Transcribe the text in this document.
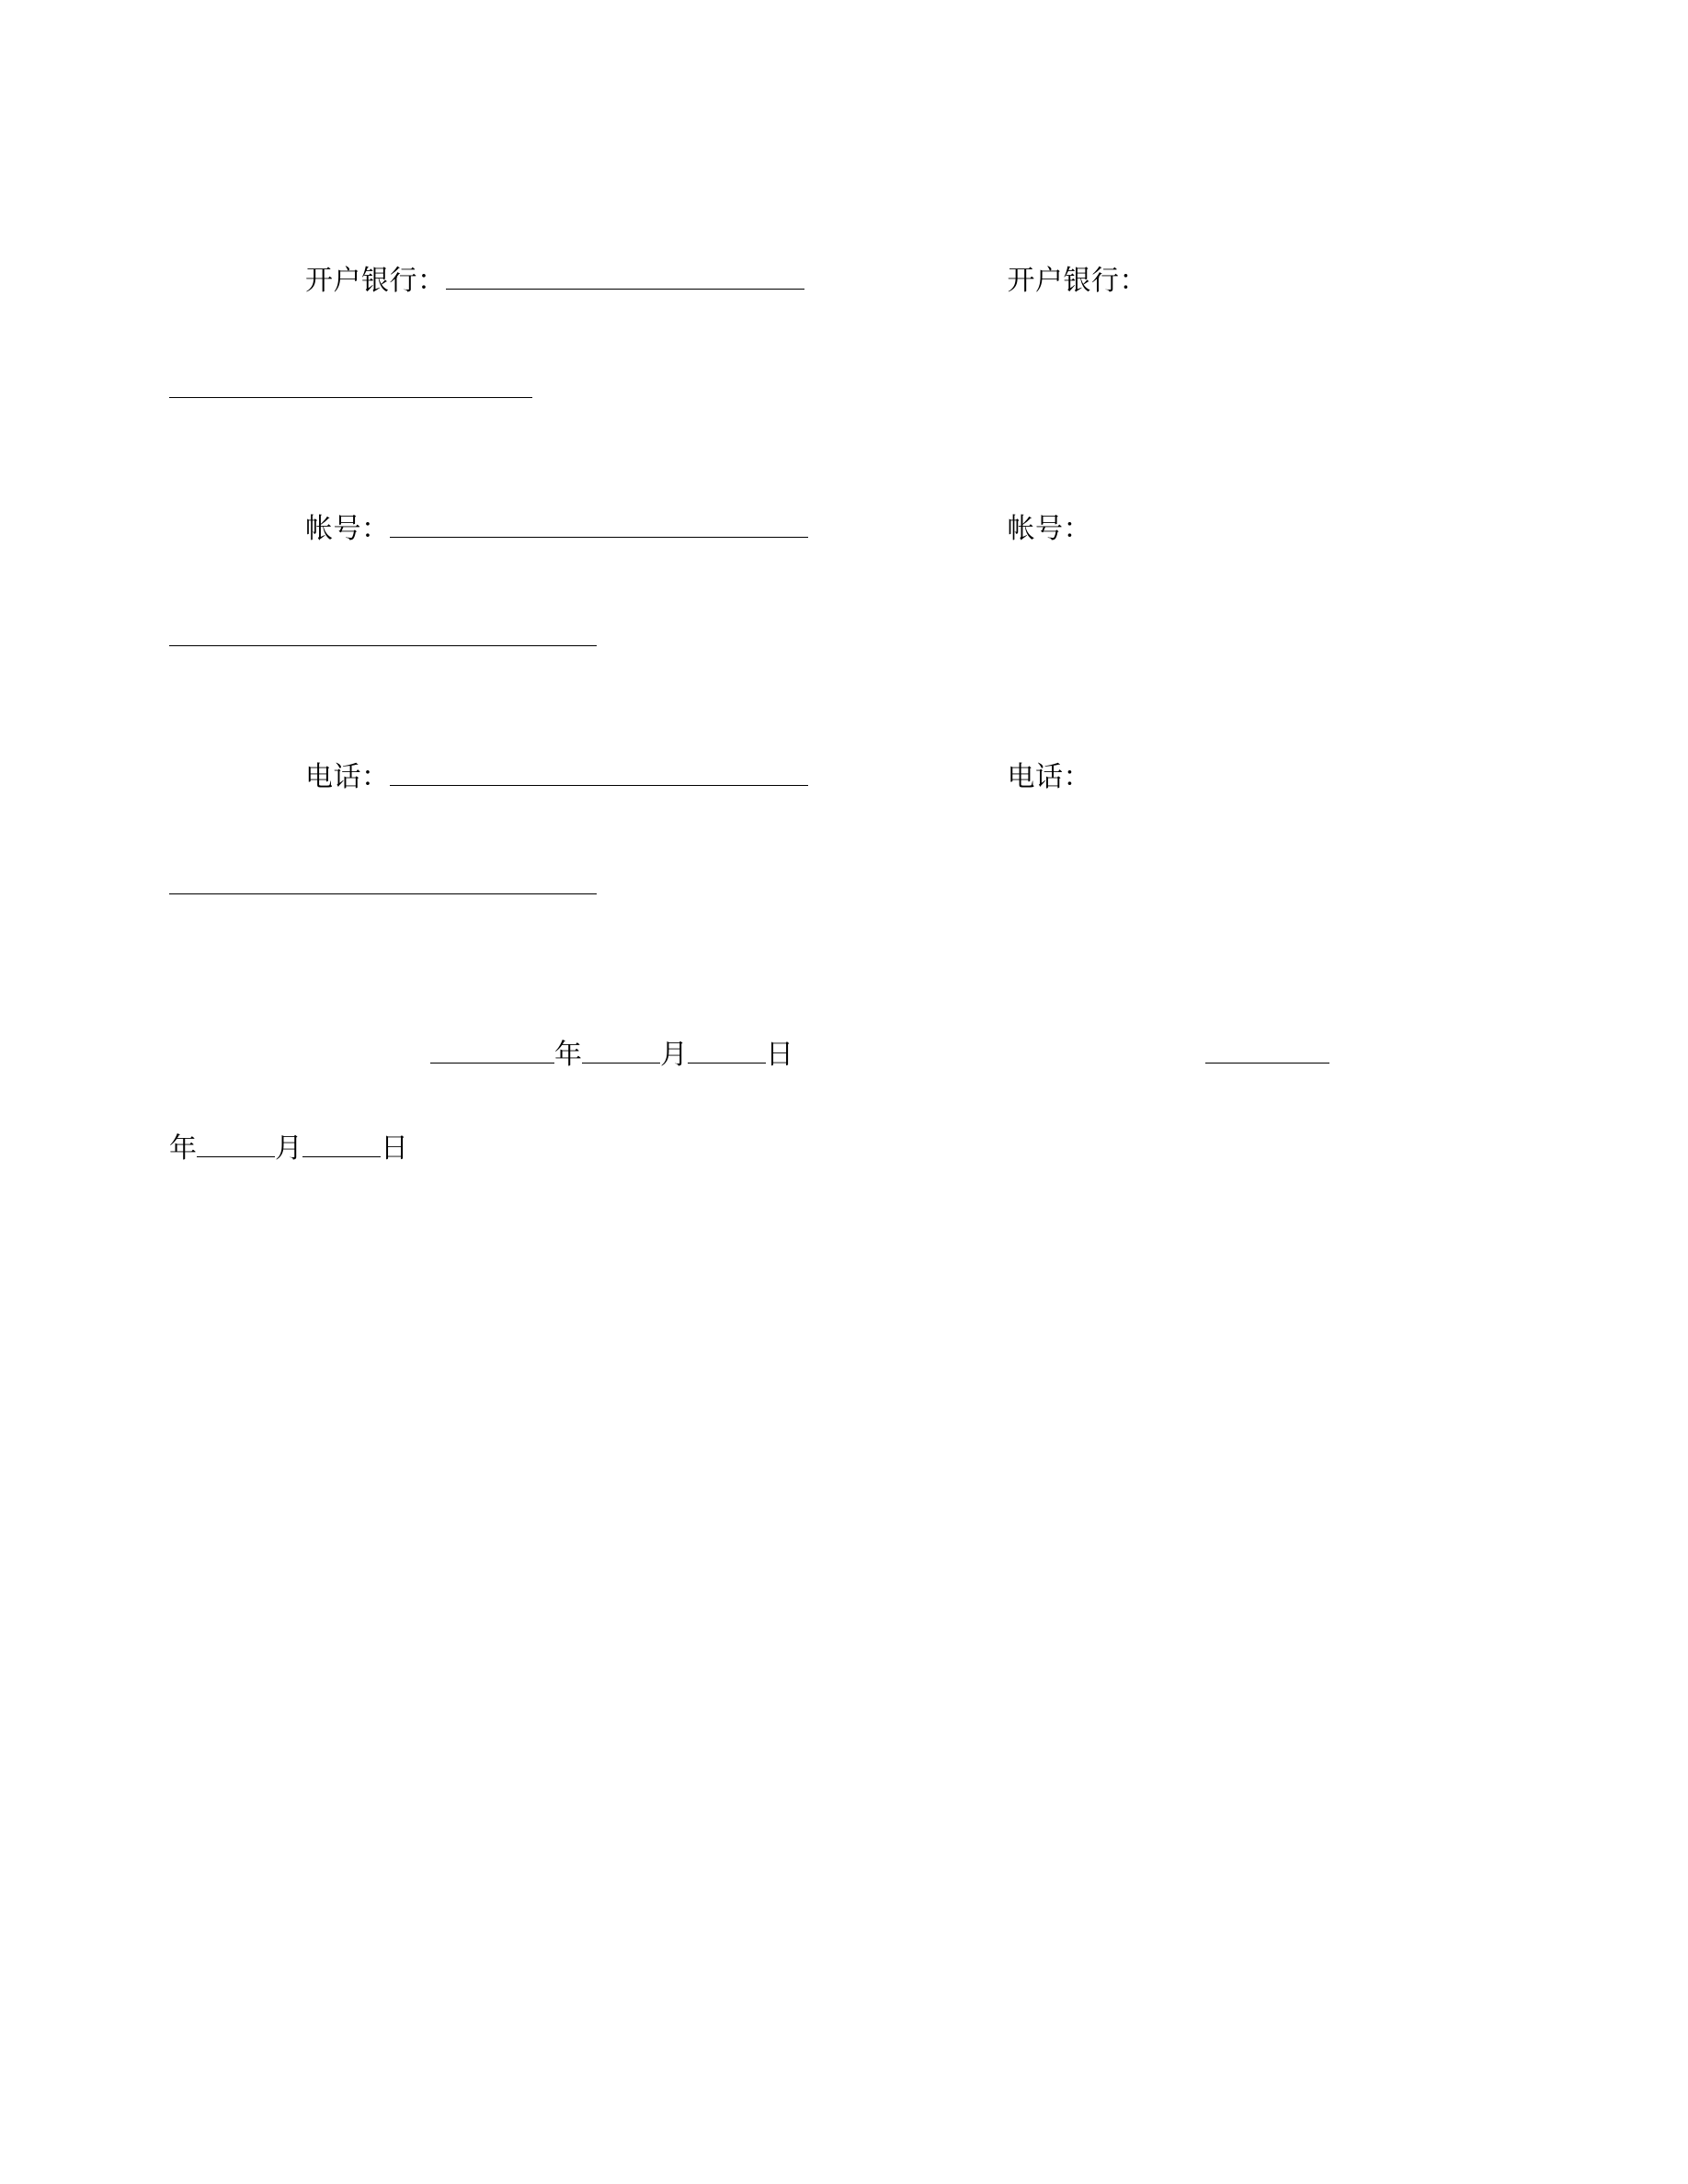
开户银行：	开户银行：
帐号：	帐号：
电话：	电话：
年	月	日
年	月	日
